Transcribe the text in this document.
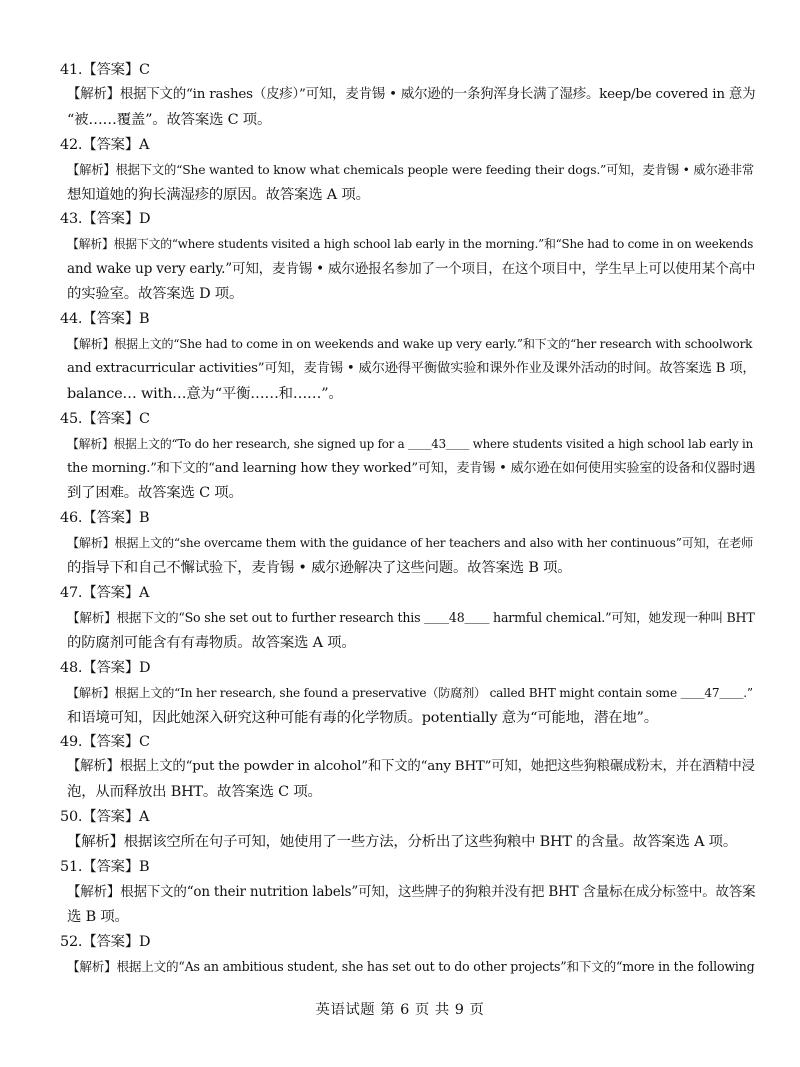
41.【答案】C
【解析】根据下文的“in rashes（皮疹）”可知，麦肯锡 • 威尔逊的一条狗浑身长满了湿疹。keep/be covered in 意为
“被……覆盖”。故答案选 C 项。
42.【答案】A
【解析】根据下文的“She wanted to know what chemicals people were feeding their dogs.”可知，麦肯锡 • 威尔逊非常
想知道她的狗长满湿疹的原因。故答案选 A 项。
43.【答案】D
【解析】根据下文的“where students visited a high school lab early in the morning.”和“She had to come in on weekends
and wake up very early.”可知，麦肯锡 • 威尔逊报名参加了一个项目，在这个项目中，学生早上可以使用某个高中
的实验室。故答案选 D 项。
44.【答案】B
【解析】根据上文的“She had to come in on weekends and wake up very early.”和下文的“her research with schoolwork
and extracurricular activities”可知，麦肯锡 • 威尔逊得平衡做实验和课外作业及课外活动的时间。故答案选 B 项，
balance… with…意为“平衡……和……”。
45.【答案】C
【解析】根据上文的“To do her research, she signed up for a ＿＿43＿＿ where students visited a high school lab early in
the morning.”和下文的“and learning how they worked”可知，麦肯锡 • 威尔逊在如何使用实验室的设备和仪器时遇
到了困难。故答案选 C 项。
46.【答案】B
【解析】根据上文的“she overcame them with the guidance of her teachers and also with her continuous”可知，在老师
的指导下和自己不懈试验下，麦肯锡 • 威尔逊解决了这些问题。故答案选 B 项。
47.【答案】A
【解析】根据下文的“So she set out to further research this ＿＿48＿＿ harmful chemical.”可知，她发现一种叫 BHT
的防腐剂可能含有有毒物质。故答案选 A 项。
48.【答案】D
【解析】根据上文的“In her research, she found a preservative（防腐剂） called BHT might contain some ＿＿47＿＿.”
和语境可知，因此她深入研究这种可能有毒的化学物质。potentially 意为“可能地，潜在地”。
49.【答案】C
【解析】根据上文的“put the powder in alcohol”和下文的“any BHT”可知，她把这些狗粮碾成粉末，并在酒精中浸
泡，从而释放出 BHT。故答案选 C 项。
50.【答案】A
【解析】根据该空所在句子可知，她使用了一些方法，分析出了这些狗粮中 BHT 的含量。故答案选 A 项。
51.【答案】B
【解析】根据下文的“on their nutrition labels”可知，这些牌子的狗粮并没有把 BHT 含量标在成分标签中。故答案
选 B 项。
52.【答案】D
【解析】根据上文的“As an ambitious student, she has set out to do other projects”和下文的“more in the following
英语试题 第 6 页 共 9 页
